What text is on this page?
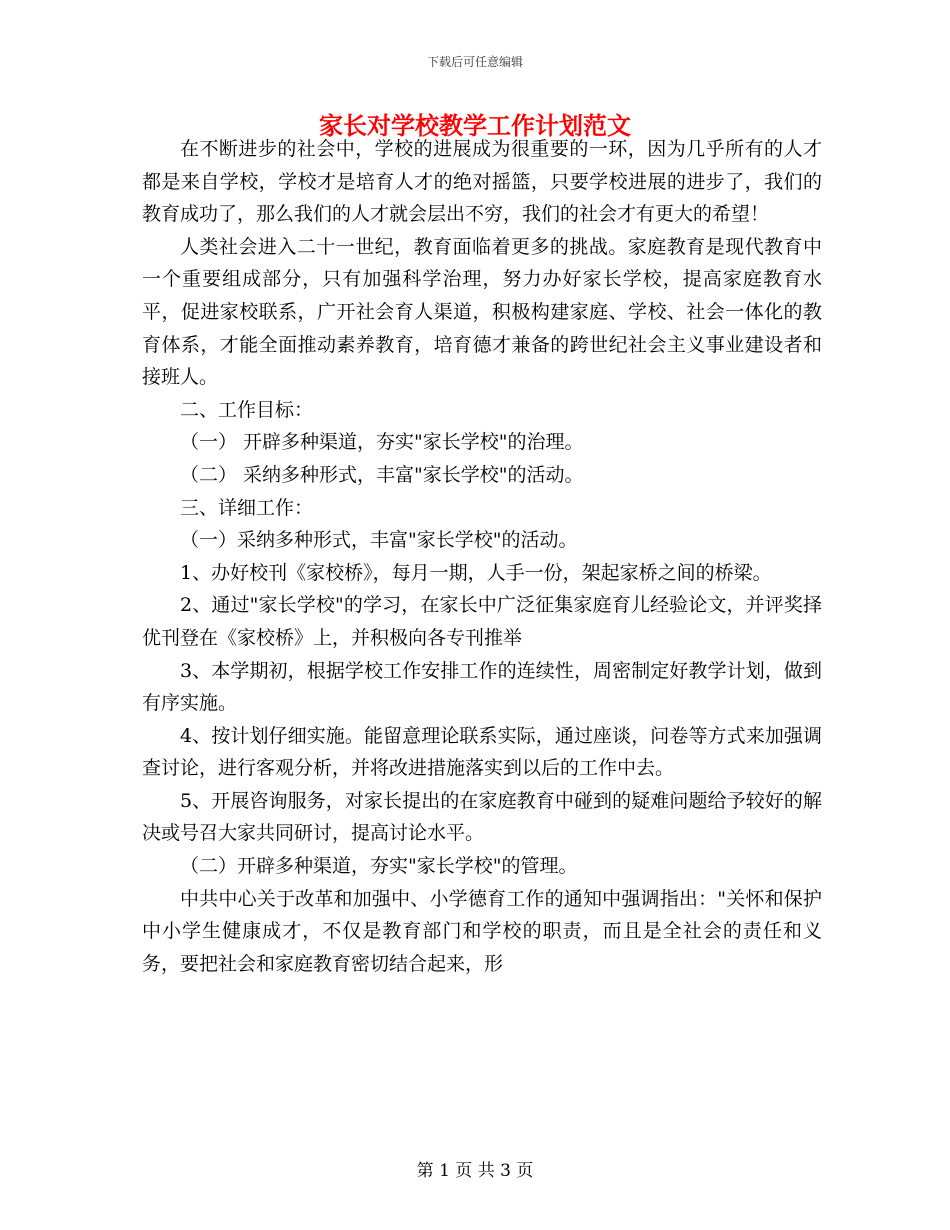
下载后可任意编辑
家长对学校教学工作计划范文

在不断进步的社会中，学校的进展成为很重要的一环，因为几乎所有的人才都是来自学校，学校才是培育人才的绝对摇篮，只要学校进展的进步了，我们的教育成功了，那么我们的人才就会层出不穷，我们的社会才有更大的希望！

人类社会进入二十一世纪，教育面临着更多的挑战。家庭教育是现代教育中一个重要组成部分，只有加强科学治理，努力办好家长学校，提高家庭教育水平，促进家校联系，广开社会育人渠道，积极构建家庭、学校、社会一体化的教育体系，才能全面推动素养教育，培育德才兼备的跨世纪社会主义事业建设者和接班人。

二、工作目标：

（一） 开辟多种渠道，夯实"家长学校"的治理。

（二） 采纳多种形式，丰富"家长学校"的活动。

三、详细工作：

（一）采纳多种形式，丰富"家长学校"的活动。

1、办好校刊《家校桥》，每月一期，人手一份，架起家桥之间的桥梁。

2、通过"家长学校"的学习，在家长中广泛征集家庭育儿经验论文，并评奖择优刊登在《家校桥》上，并积极向各专刊推举

3、本学期初，根据学校工作安排工作的连续性，周密制定好教学计划，做到有序实施。

4、按计划仔细实施。能留意理论联系实际，通过座谈，问卷等方式来加强调查讨论，进行客观分析，并将改进措施落实到以后的工作中去。

5、开展咨询服务，对家长提出的在家庭教育中碰到的疑难问题给予较好的解决或号召大家共同研讨，提高讨论水平。

（二）开辟多种渠道，夯实"家长学校"的管理。

中共中心关于改革和加强中、小学德育工作的通知中强调指出："关怀和保护中小学生健康成才，不仅是教育部门和学校的职责，而且是全社会的责任和义务，要把社会和家庭教育密切结合起来，形

第 1 页 共 3 页
